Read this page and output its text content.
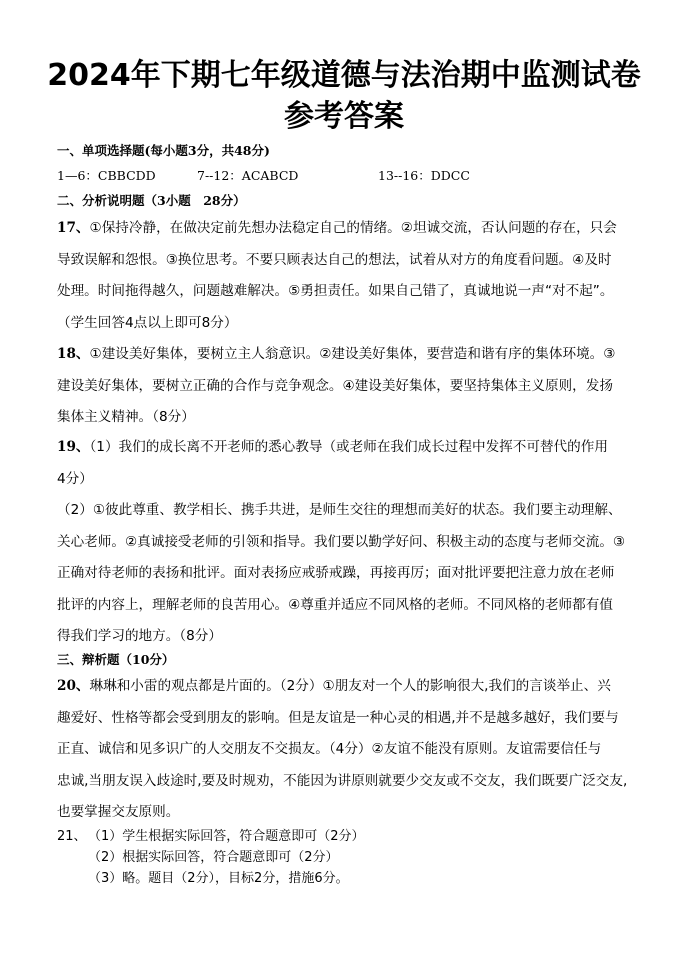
2024年下期七年级道德与法治期中监测试卷
参考答案
一、单项选择题(每小题3分，共48分)
1—6：CBBCDD	7--12：ACABCD	13--16：DDCC
二、分析说明题（3小题　28分）
17、①保持冷静，在做决定前先想办法稳定自己的情绪。②坦诚交流，否认问题的存在，只会
导致误解和怨恨。③换位思考。不要只顾表达自己的想法，试着从对方的角度看问题。④及时
处理。时间拖得越久，问题越难解决。⑤勇担责任。如果自己错了，真诚地说一声“对不起”。
（学生回答4点以上即可8分）
18、①建设美好集体，要树立主人翁意识。②建设美好集体，要营造和谐有序的集体环境。③
建设美好集体，要树立正确的合作与竞争观念。④建设美好集体，要坚持集体主义原则，发扬
集体主义精神。（8分）
19、（1）我们的成长离不开老师的悉心教导（或老师在我们成长过程中发挥不可替代的作用
4分）
（2）①彼此尊重、教学相长、携手共进，是师生交往的理想而美好的状态。我们要主动理解、
关心老师。②真诚接受老师的引领和指导。我们要以勤学好问、积极主动的态度与老师交流。③
正确对待老师的表扬和批评。面对表扬应戒骄戒躁，再接再厉；面对批评要把注意力放在老师
批评的内容上，理解老师的良苦用心。④尊重并适应不同风格的老师。不同风格的老师都有值
得我们学习的地方。（8分）
三、辩析题（10分）
20、琳琳和小雷的观点都是片面的。（2分）①朋友对一个人的影响很大,我们的言谈举止、兴
趣爱好、性格等都会受到朋友的影响。但是友谊是一种心灵的相遇,并不是越多越好，我们要与
正直、诚信和见多识广的人交朋友不交损友。（4分）②友谊不能没有原则。友谊需要信任与
忠诚,当朋友误入歧途时,要及时规劝，不能因为讲原则就要少交友或不交友，我们既要广泛交友,
也要掌握交友原则。
21、 （1）学生根据实际回答，符合题意即可（2分）
（2）根据实际回答，符合题意即可（2分）
（3）略。题目（2分），目标2分，措施6分。
